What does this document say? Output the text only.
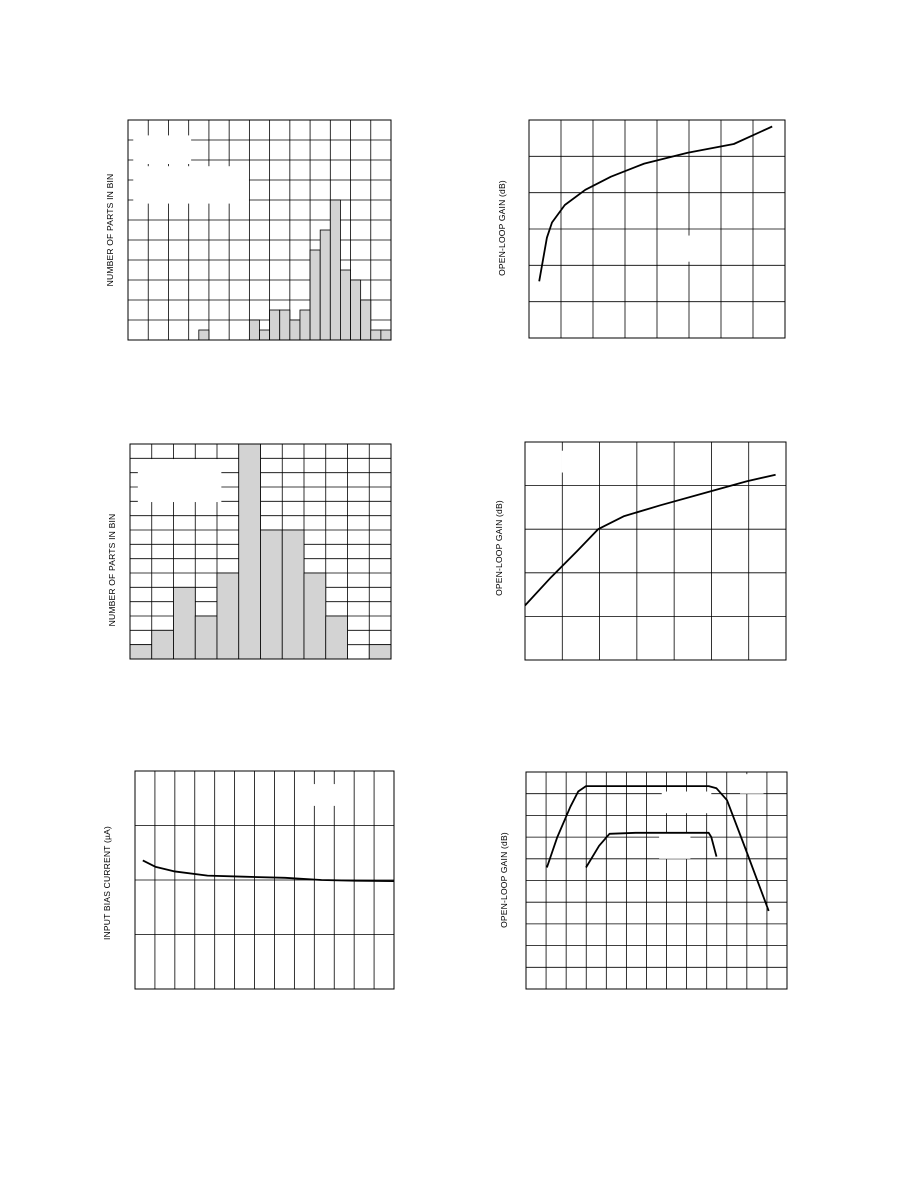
NUMBER OF PARTS IN BIN	OPEN-LOOP GAIN (dB)
NUMBER OF PARTS IN BIN	OPEN-LOOP GAIN (dB)
INPUT BIAS CURRENT (µA)	OPEN-LOOP GAIN (dB)
